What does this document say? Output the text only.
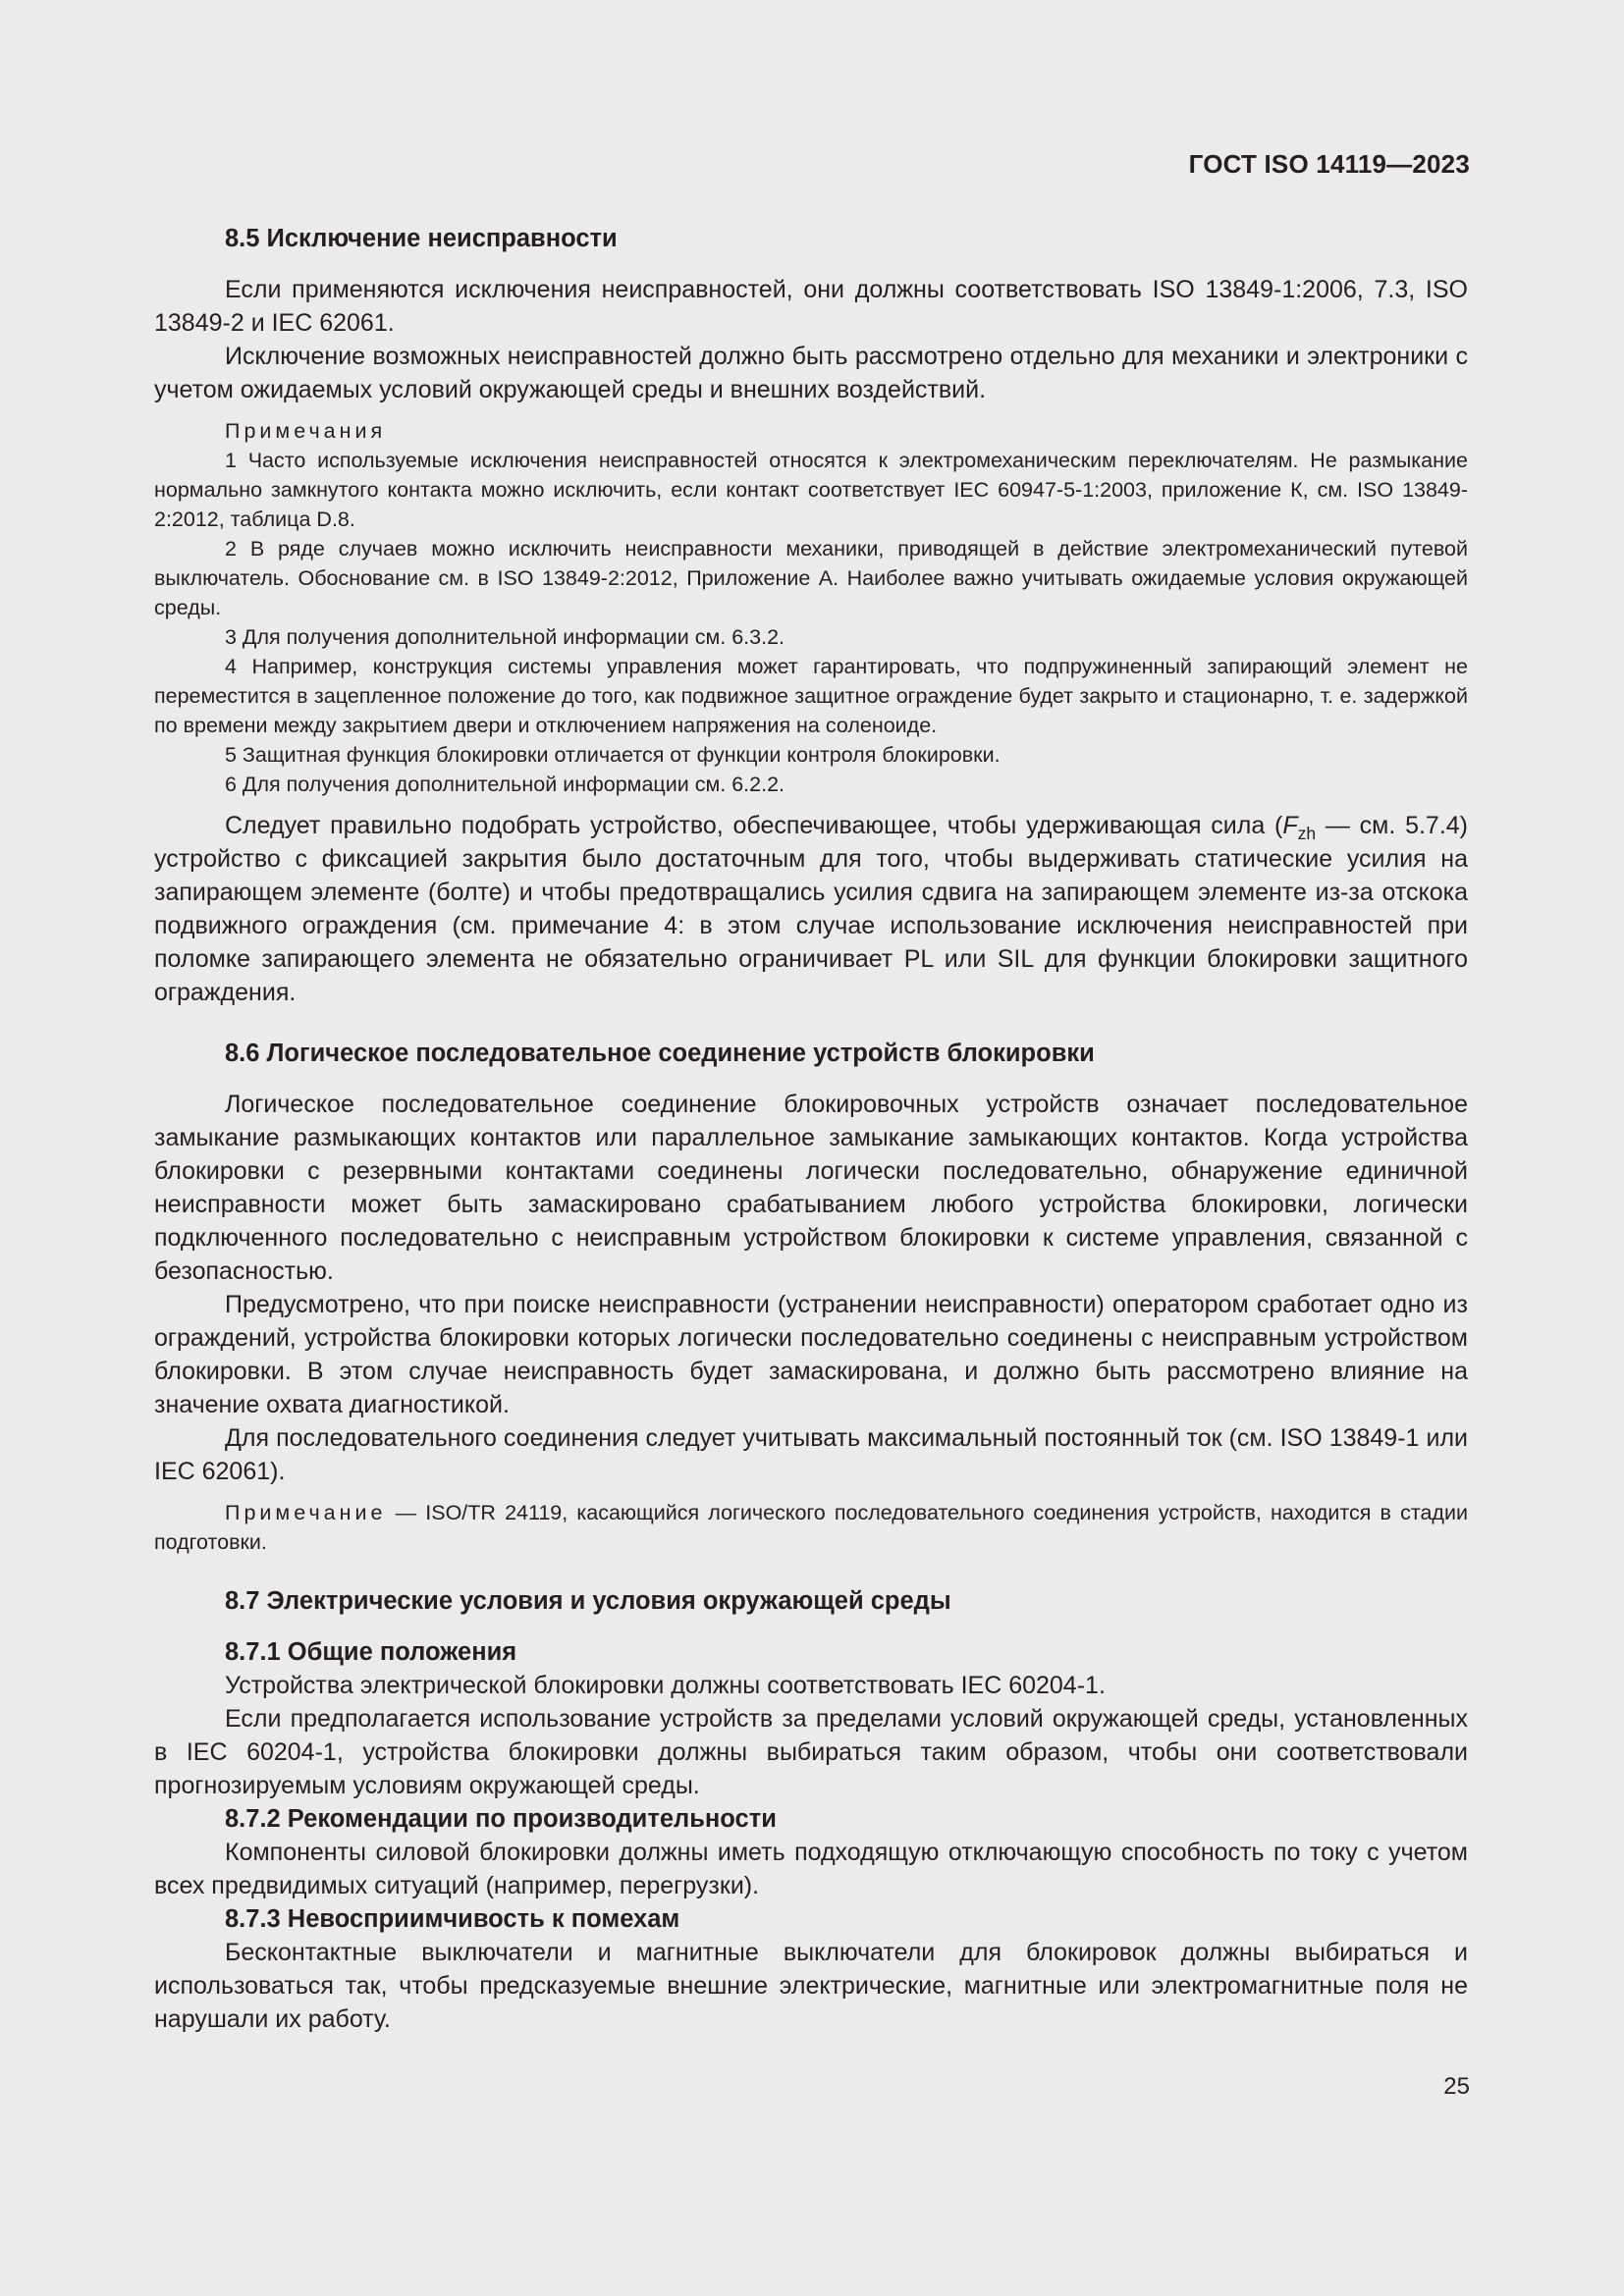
ГОСТ ISO 14119—2023
8.5 Исключение неисправности

Если применяются исключения неисправностей, они должны соответствовать ISO 13849-1:2006, 7.3, ISO 13849-2 и IEC 62061.

Исключение возможных неисправностей должно быть рассмотрено отдельно для механики и электроники с учетом ожидаемых условий окружающей среды и внешних воздействий.

Примечания

1 Часто используемые исключения неисправностей относятся к электромеханическим переключателям. Не размыкание нормально замкнутого контакта можно исключить, если контакт соответствует IEC 60947-5-1:2003, приложение К, см. ISO 13849-2:2012, таблица D.8.

2 В ряде случаев можно исключить неисправности механики, приводящей в действие электромеханический путевой выключатель. Обоснование см. в ISO 13849-2:2012, Приложение А. Наиболее важно учитывать ожидаемые условия окружающей среды.

3 Для получения дополнительной информации см. 6.3.2.

4 Например, конструкция системы управления может гарантировать, что подпружиненный запирающий элемент не переместится в зацепленное положение до того, как подвижное защитное ограждение будет закрыто и стационарно, т. е. задержкой по времени между закрытием двери и отключением напряжения на соленоиде.

5 Защитная функция блокировки отличается от функции контроля блокировки.

6 Для получения дополнительной информации см. 6.2.2.

Следует правильно подобрать устройство, обеспечивающее, чтобы удерживающая сила ($F_{zh}$ — см. 5.7.4) устройство с фиксацией закрытия было достаточным для того, чтобы выдерживать статические усилия на запирающем элементе (болте) и чтобы предотвращались усилия сдвига на запирающем элементе из-за отскока подвижного ограждения (см. примечание 4: в этом случае использование исключения неисправностей при поломке запирающего элемента не обязательно ограничивает PL или SIL для функции блокировки защитного ограждения.

8.6 Логическое последовательное соединение устройств блокировки

Логическое последовательное соединение блокировочных устройств означает последовательное замыкание размыкающих контактов или параллельное замыкание замыкающих контактов. Когда устройства блокировки с резервными контактами соединены логически последовательно, обнаружение единичной неисправности может быть замаскировано срабатыванием любого устройства блокировки, логически подключенного последовательно с неисправным устройством блокировки к системе управления, связанной с безопасностью.

Предусмотрено, что при поиске неисправности (устранении неисправности) оператором сработает одно из ограждений, устройства блокировки которых логически последовательно соединены с неисправным устройством блокировки. В этом случае неисправность будет замаскирована, и должно быть рассмотрено влияние на значение охвата диагностикой.

Для последовательного соединения следует учитывать максимальный постоянный ток (см. ISO 13849-1 или IEC 62061).

Примечание — ISO/TR 24119, касающийся логического последовательного соединения устройств, находится в стадии подготовки.

8.7 Электрические условия и условия окружающей среды
8.7.1 Общие положения

Устройства электрической блокировки должны соответствовать IEC 60204-1.

Если предполагается использование устройств за пределами условий окружающей среды, установленных в IEC 60204-1, устройства блокировки должны выбираться таким образом, чтобы они соответствовали прогнозируемым условиям окружающей среды.

8.7.2 Рекомендации по производительности

Компоненты силовой блокировки должны иметь подходящую отключающую способность по току с учетом всех предвидимых ситуаций (например, перегрузки).

8.7.3 Невосприимчивость к помехам

Бесконтактные выключатели и магнитные выключатели для блокировок должны выбираться и использоваться так, чтобы предсказуемые внешние электрические, магнитные или электромагнитные поля не нарушали их работу.

25
